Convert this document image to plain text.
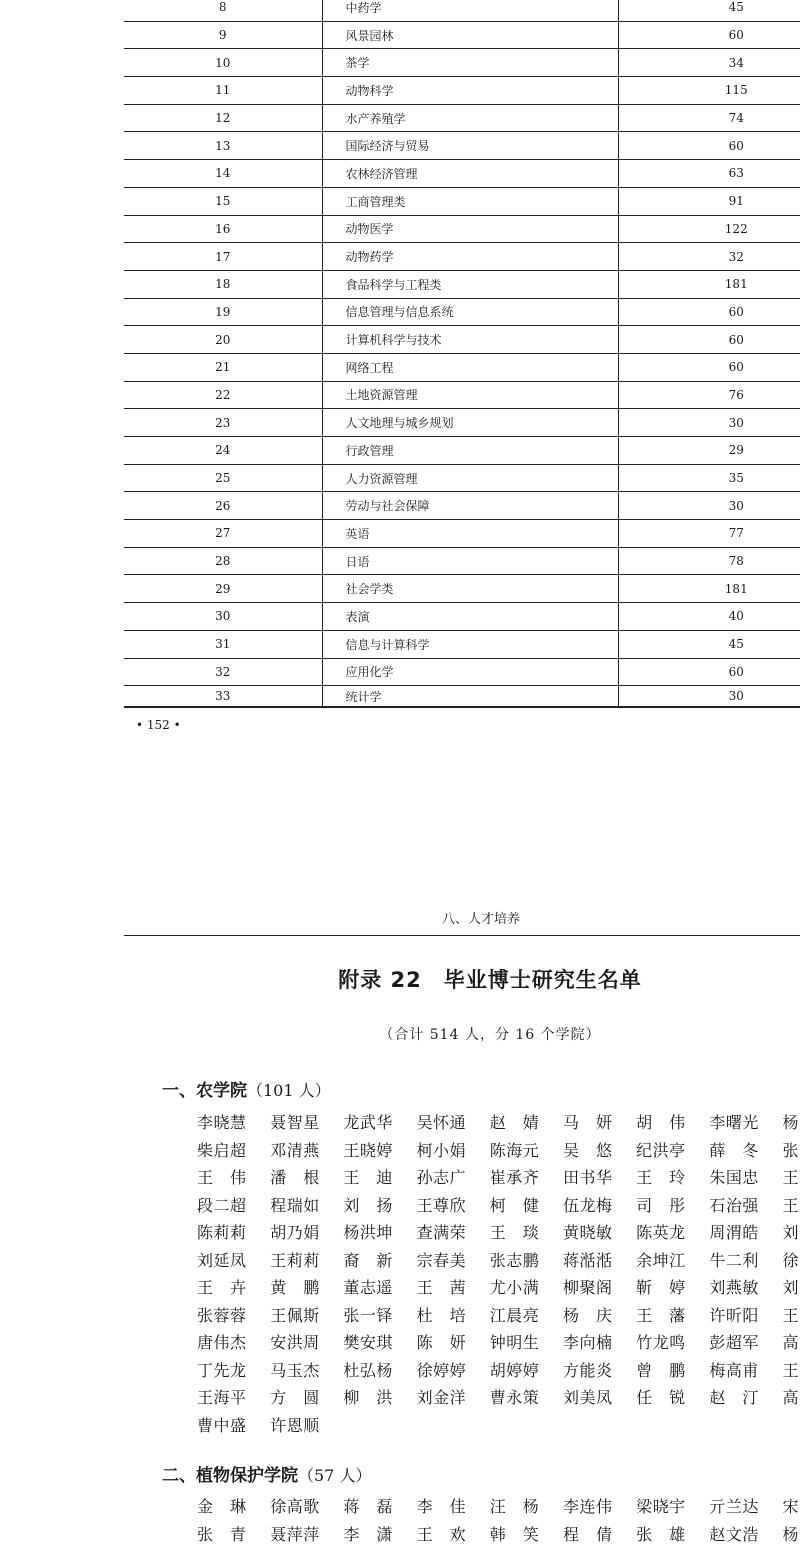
8	中药学	45
9	风景园林	60
10	茶学	34
11	动物科学	115
12	水产养殖学	74
13	国际经济与贸易	60
14	农林经济管理	63
15	工商管理类	91
16	动物医学	122
17	动物药学	32
18	食品科学与工程类	181
19	信息管理与信息系统	60
20	计算机科学与技术	60
21	网络工程	60
22	土地资源管理	76
23	人文地理与城乡规划	30
24	行政管理	29
25	人力资源管理	35
26	劳动与社会保障	30
27	英语	77
28	日语	78
29	社会学类	181
30	表演	40
31	信息与计算科学	45
32	应用化学	60
33	统计学	30
• 152 •
八、人才培养
附录 22 毕业博士研究生名单
（合计 514 人，分 16 个学院）
一、农学院（101 人）
李晓慧 聂智星 龙武华 吴怀通 赵　婧 马　妍 胡　伟 李曙光 杨
柴启超 邓清燕 王晓婷 柯小娟 陈海元 吴　悠 纪洪亭 薛　冬 张
王　伟 潘　根 王　迪 孙志广 崔承齐 田书华 王　玲 朱国忠 王
段二超 程瑞如 刘　扬 王尊欣 柯　健 伍龙梅 司　彤 石治强 王
陈莉莉 胡乃娟 杨洪坤 查满荣 王　琰 黄晓敏 陈英龙 周渭皓 刘
刘延凤 王莉莉 裔　新 宗春美 张志鹏 蒋湉湉 余坤江 牛二利 徐
王　卉 黄　鹏 董志遥 王　茜 尤小满 柳聚阁 靳　婷 刘燕敏 刘
张蓉蓉 王佩斯 张一铎 杜　培 江晨亮 杨　庆 王　藩 许昕阳 王
唐伟杰 安洪周 樊安琪 陈　妍 钟明生 李向楠 竹龙鸣 彭超军 高
丁先龙 马玉杰 杜弘杨 徐婷婷 胡婷婷 方能炎 曾　鹏 梅高甫 王
王海平 方　圆 柳　洪 刘金洋 曹永策 刘美凤 任　锐 赵　汀 高
曹中盛 许恩顺
二、植物保护学院（57 人）
金　琳 徐高歌 蒋　磊 李　佳 汪　杨 李连伟 梁晓宇 亓兰达 宋
张　青 聂萍萍 李　潇 王　欢 韩　笑 程　倩 张　雄 赵文浩 杨
